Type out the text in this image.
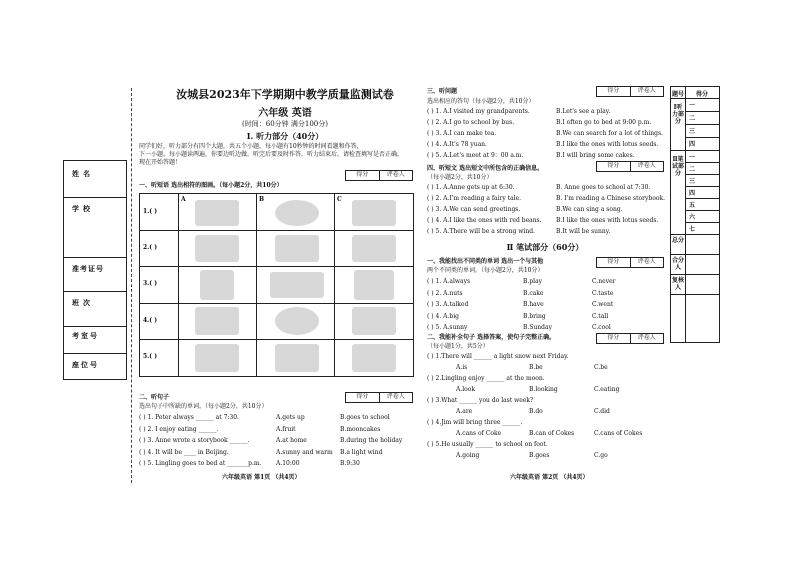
姓名
学校
准考证号
班次
考室号
座位号
汝城县2023年下学期期中教学质量监测试卷
六年级 英语
(时间：60分钟 满分100分)
Ⅰ. 听力部分（40分）
同学们好，听力部分有四个大题，共五个小题，每小题有10秒钟的时间看题和作答，
下一小题。每小题读两遍，你要边听边做。听完后要及时作答，听力结束后，请检查填写是否正确，
现在开始答题！
得分	评卷人
一、听短语 选出相符的图画。（每小题2分，共10分）
1.( )
2.( )
3.( )
4.( )
5.( )
A	B	C
得分	评卷人
二、听句子
选出句子中所缺的单词。（每小题2分，共10分）
六年级英语 第1页 （共4页）
得分	评卷人
三、听问题
选出相应的答句（每小题2分，共10分）
得分	评卷人
四、听短文 选出短文中所包含的正确信息。
（每小题2分，共10分）
Ⅱ 笔试部分（60分）
得分	评卷人
一、我能找出不同类的单词 选出一个与其他
两个不同类的单词。（每小题2分，共10分）
得分	评卷人
二、我能补全句子 选择答案，使句子完整正确。
（每小题1分，共5分）
六年级英语 第2页 （共4页）
题号	得分
Ⅰ听力部分
一
二
三
四
Ⅱ笔试部分
一
二
三
四
五
六
七
总分
合分人
复核人
( ) 1. Peter always ______ at 7:30.	A.gets up	B.goes to school
( ) 2. I enjoy eating ______.	A.fruit	B.mooncakes
( ) 3. Anne wrote a storybook ______.	A.at home	B.during the holiday
( ) 4. It will be ____ in Beijing.	A.sunny and warm B.a light wind
( ) 5. Lingling goes to bed at _______p.m. A.10:00	B.9:30
( ) 1. A.I visited my grandparents.	B.Let's see a play.
( ) 2. A.I go to school by bus.	B.I often go to bed at 9:00 p.m.
( ) 3. A.I can make tea.	B.We can search for a lot of things.
( ) 4. A.It's 78 yuan.	B.I like the ones with lotus seeds.
( ) 5. A.Let's meet at 9：00 a.m.	B.I will bring some cakes.
( ) 1. A.Anne gets up at 6:30.	B. Anne goes to school at 7:30.
( ) 2. A.I'm reading a fairy tale.	B. I'm reading a Chinese storybook.
( ) 3. A.We can send greetings.	B.We can sing a song.
( ) 4. A.I like the ones with red beans. B.I like the ones with lotus seeds.
( ) 5. A.There will be a strong wind.	B.It will be sunny.
( ) 1. A.always	B.play	C.never
( ) 2. A.nuts	B.cake	C.taste
( ) 3. A.talked	B.have	C.went
( ) 4. A.big	B.bring	C.tall
( ) 5. A.sunny	B.Sunday	C.cool
( ) 1.There will ______ a light snow next Friday.
A.is	B.be	C.be
( ) 2.Lingling enjoy ______ at the moon.
A.look	B.looking	C.eating
( ) 3.What ______ you do last week?
A.are	B.do	C.did
( ) 4.Jim will bring three ______.
A.cans of Coke	B.can of Cokes	C.cans of Cokes
( ) 5.He usually ______ to school on foot.
A.going	B.goes	C.go
